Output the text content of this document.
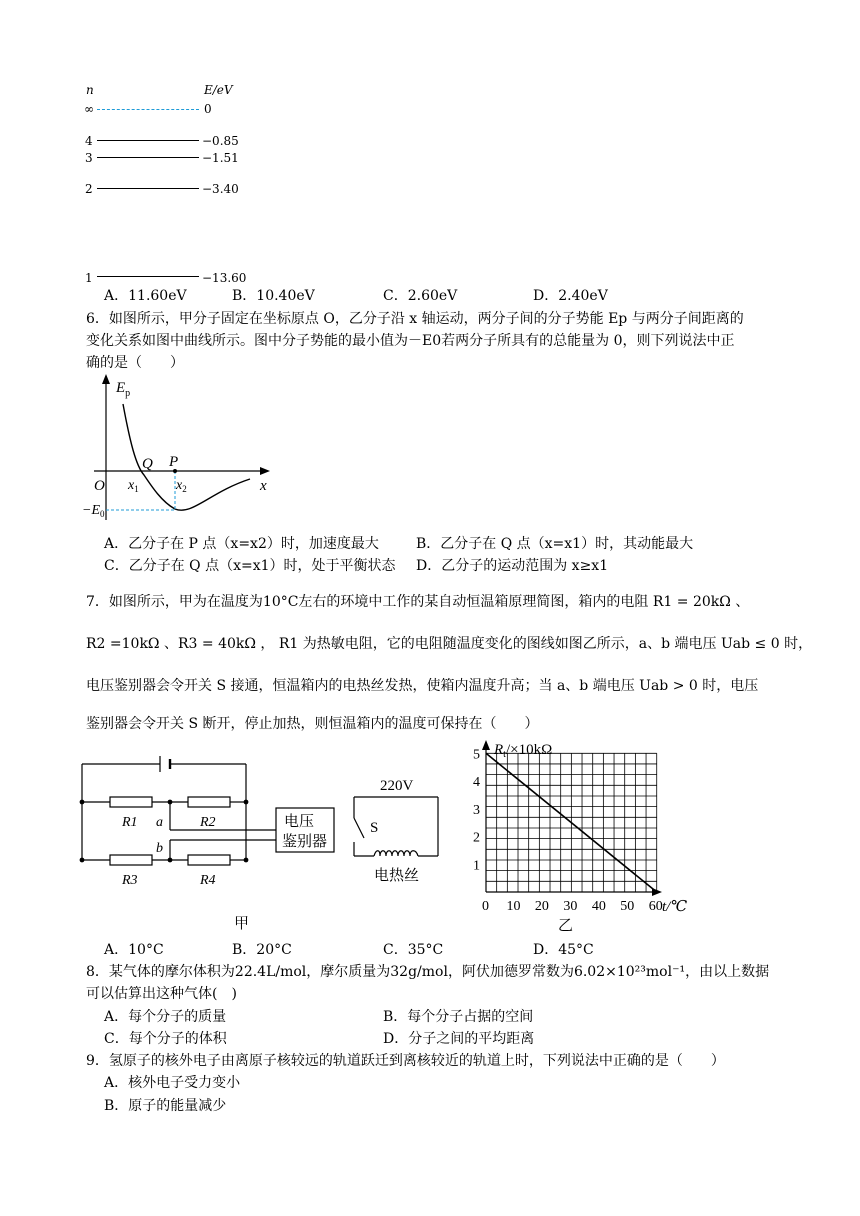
n	E/eV
∞	0
4	−0.85
3	−1.51
2	−3.40
1	−13.60
A．11.60eV	B．10.40eV	C．2.60eV	D．2.40eV
6．如图所示，甲分子固定在坐标原点 O，乙分子沿 x 轴运动，两分子间的分子势能 Ep 与两分子间距离的
变化关系如图中曲线所示。图中分子势能的最小值为－E0若两分子所具有的总能量为 0，则下列说法中正
确的是（　　）
$E_p$
x
O
Q P
$x_1$	$x_2$
$-E_0$
A．乙分子在 P 点（x=x2）时，加速度最大	B．乙分子在 Q 点（x=x1）时，其动能最大
C．乙分子在 Q 点（x=x1）时，处于平衡状态 D．乙分子的运动范围为 x≥x1
7．如图所示，甲为在温度为10°C左右的环境中工作的某自动恒温箱原理简图，箱内的电阻 R1 = 20kΩ 、
R2 =10kΩ 、R3 = 40kΩ ， R1 为热敏电阻，它的电阻随温度变化的图线如图乙所示，a、b 端电压 Uab ≤ 0 时，
电压鉴别器会令开关 S 接通，恒温箱内的电热丝发热，使箱内温度升高；当 a、b 端电压 Uab > 0 时，电压
鉴别器会令开关 S 断开，停止加热，则恒温箱内的温度可保持在（　　）
R1	R2
R3	R4
a
b
电压
鉴别器
220V
S
电热丝
甲
0 10 20 30 40 50 60
1
2
3
4
5 $R_t/\times 10k\Omega$
t/℃
乙
A．10°C	B．20°C	C．35°C	D．45°C
8．某气体的摩尔体积为22.4L/mol，摩尔质量为32g/mol，阿伏加德罗常数为6.02×10²³mol⁻¹，由以上数据
可以估算出这种气体(　)
A．每个分子的质量	B．每个分子占据的空间
C．每个分子的体积	D．分子之间的平均距离
9．氢原子的核外电子由离原子核较远的轨道跃迁到离核较近的轨道上时，下列说法中正确的是（　　）
A．核外电子受力变小
B．原子的能量减少
